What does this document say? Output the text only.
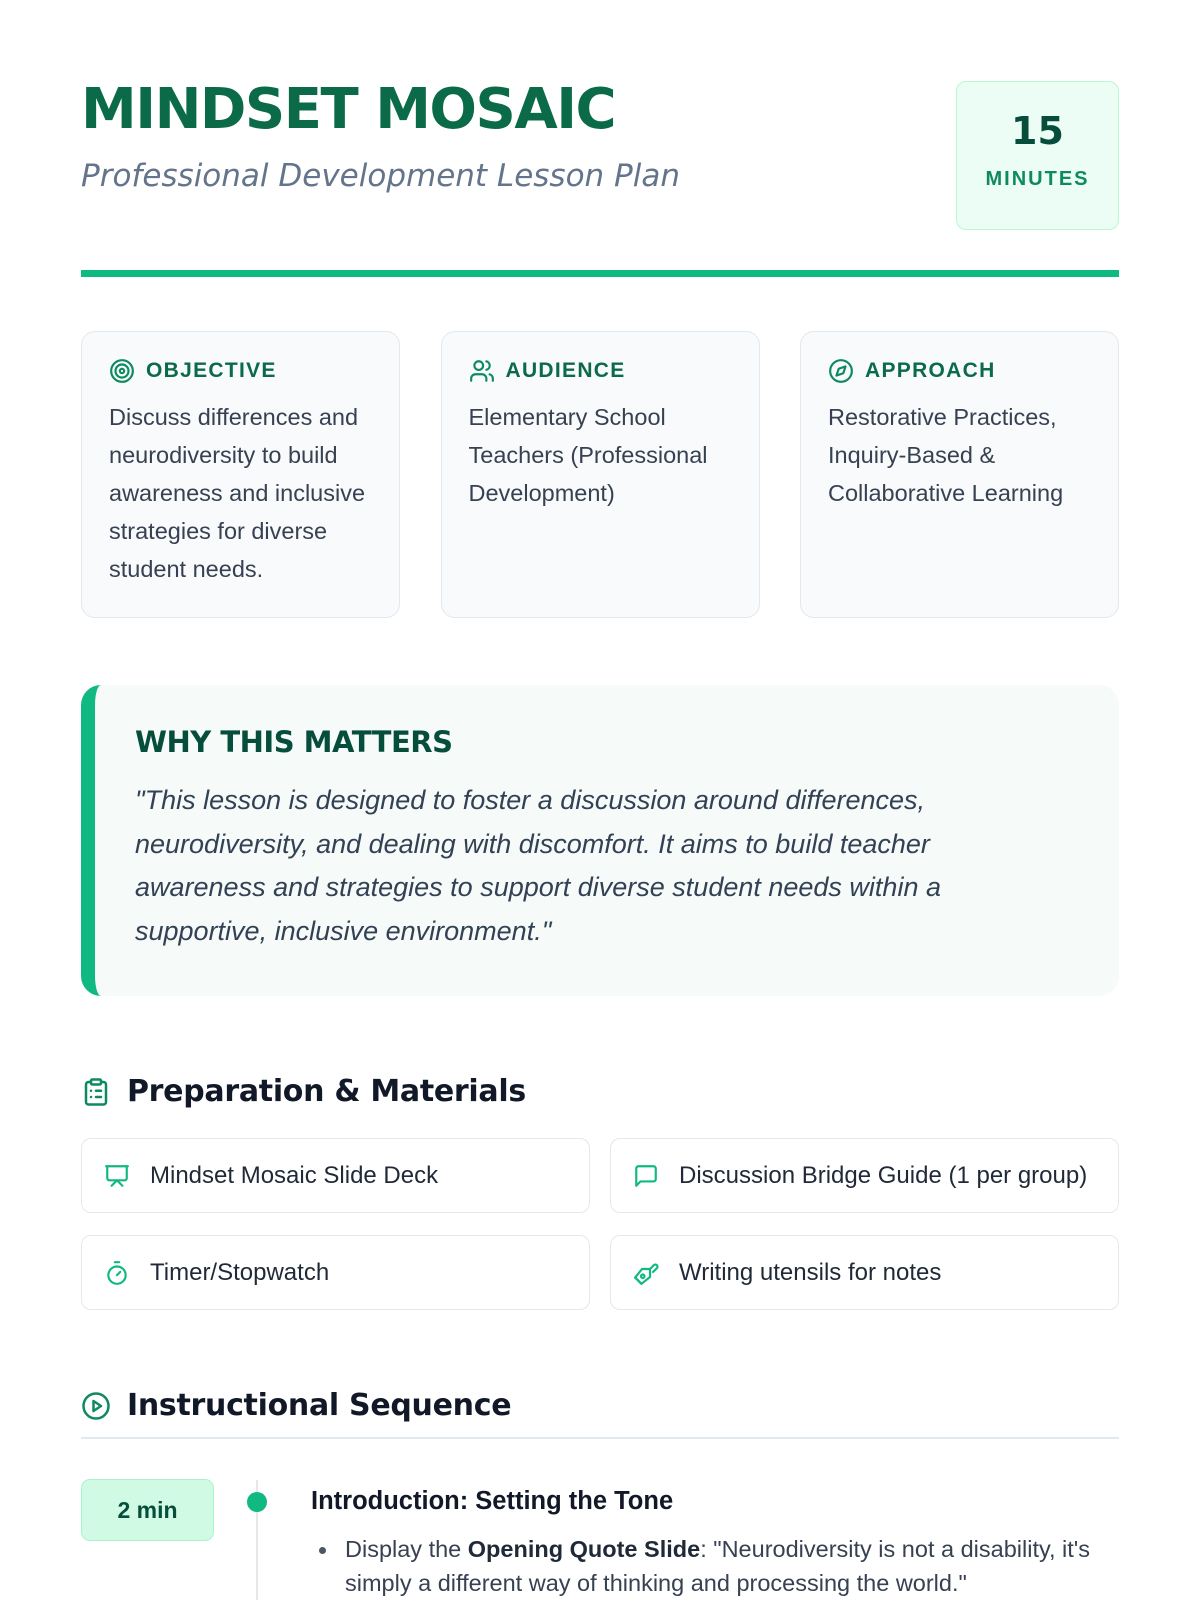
MINDSET MOSAIC
Professional Development Lesson Plan
15
MINUTES
OBJECTIVE

Discuss differences and neurodiversity to build awareness and inclusive strategies for diverse student needs.

AUDIENCE

Elementary School Teachers (Professional Development)

APPROACH

Restorative Practices, Inquiry-Based & Collaborative Learning

WHY THIS MATTERS

"This lesson is designed to foster a discussion around differences, neurodiversity, and dealing with discomfort. It aims to build teacher awareness and strategies to support diverse student needs within a supportive, inclusive environment."

Preparation & Materials
Mindset Mosaic Slide Deck	Discussion Bridge Guide (1 per group)
Timer/Stopwatch	Writing utensils for notes
Instructional Sequence
2 min	Introduction: Setting the Tone
Display the Opening Quote Slide: "Neurodiversity is not a disability, it's simply a different way of thinking and processing the world."
